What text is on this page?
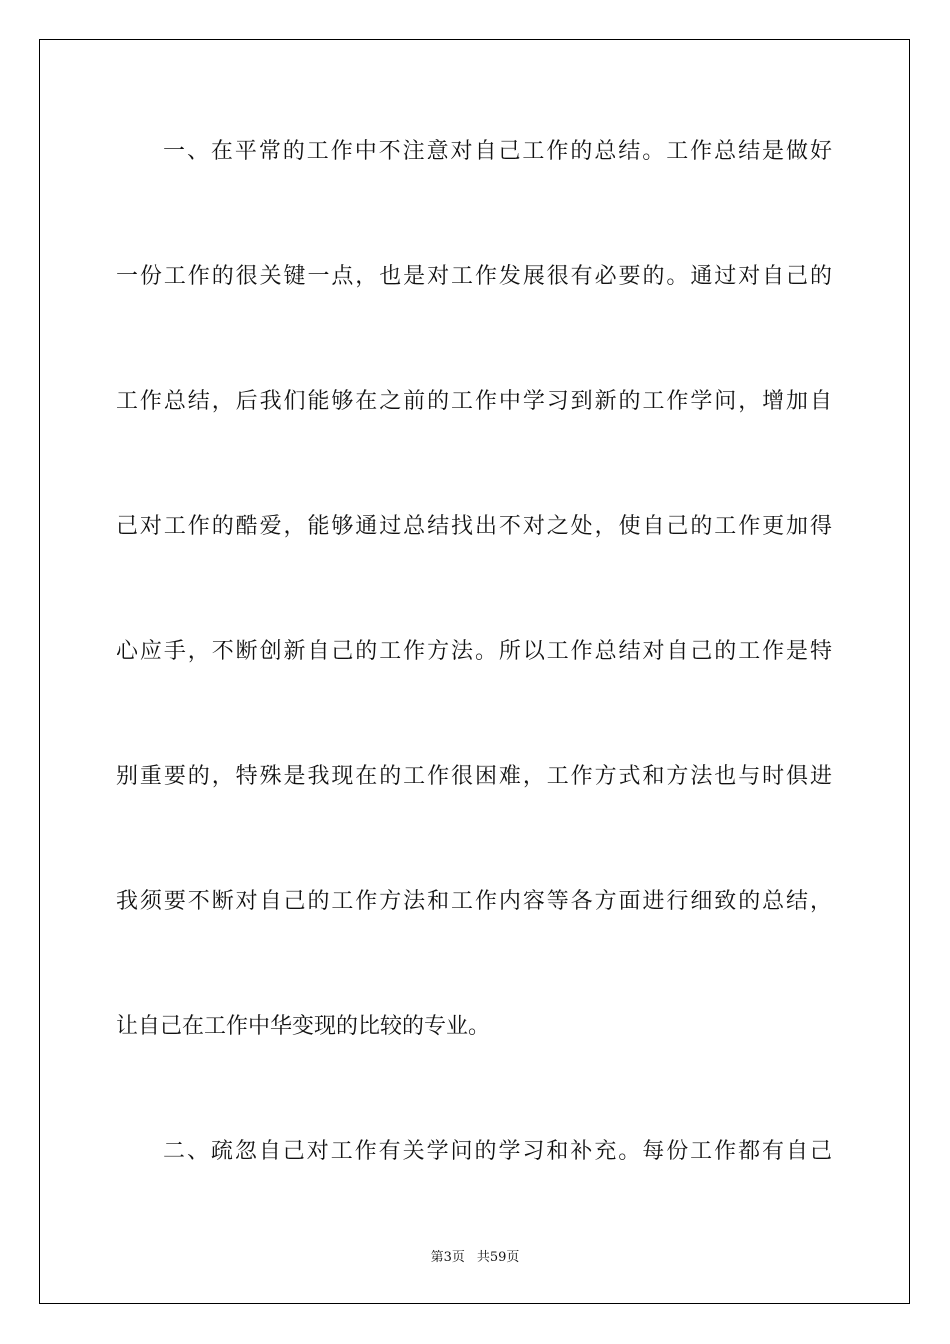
一、在平常的工作中不注意对自己工作的总结。工作总结是做好
一份工作的很关键一点，也是对工作发展很有必要的。通过对自己的
工作总结，后我们能够在之前的工作中学习到新的工作学问，增加自
己对工作的酷爱，能够通过总结找出不对之处，使自己的工作更加得
心应手，不断创新自己的工作方法。所以工作总结对自己的工作是特
别重要的，特殊是我现在的工作很困难，工作方式和方法也与时俱进
我须要不断对自己的工作方法和工作内容等各方面进行细致的总结，
让自己在工作中华变现的比较的专业。
二、疏忽自己对工作有关学问的学习和补充。每份工作都有自己
第3页 共59页
